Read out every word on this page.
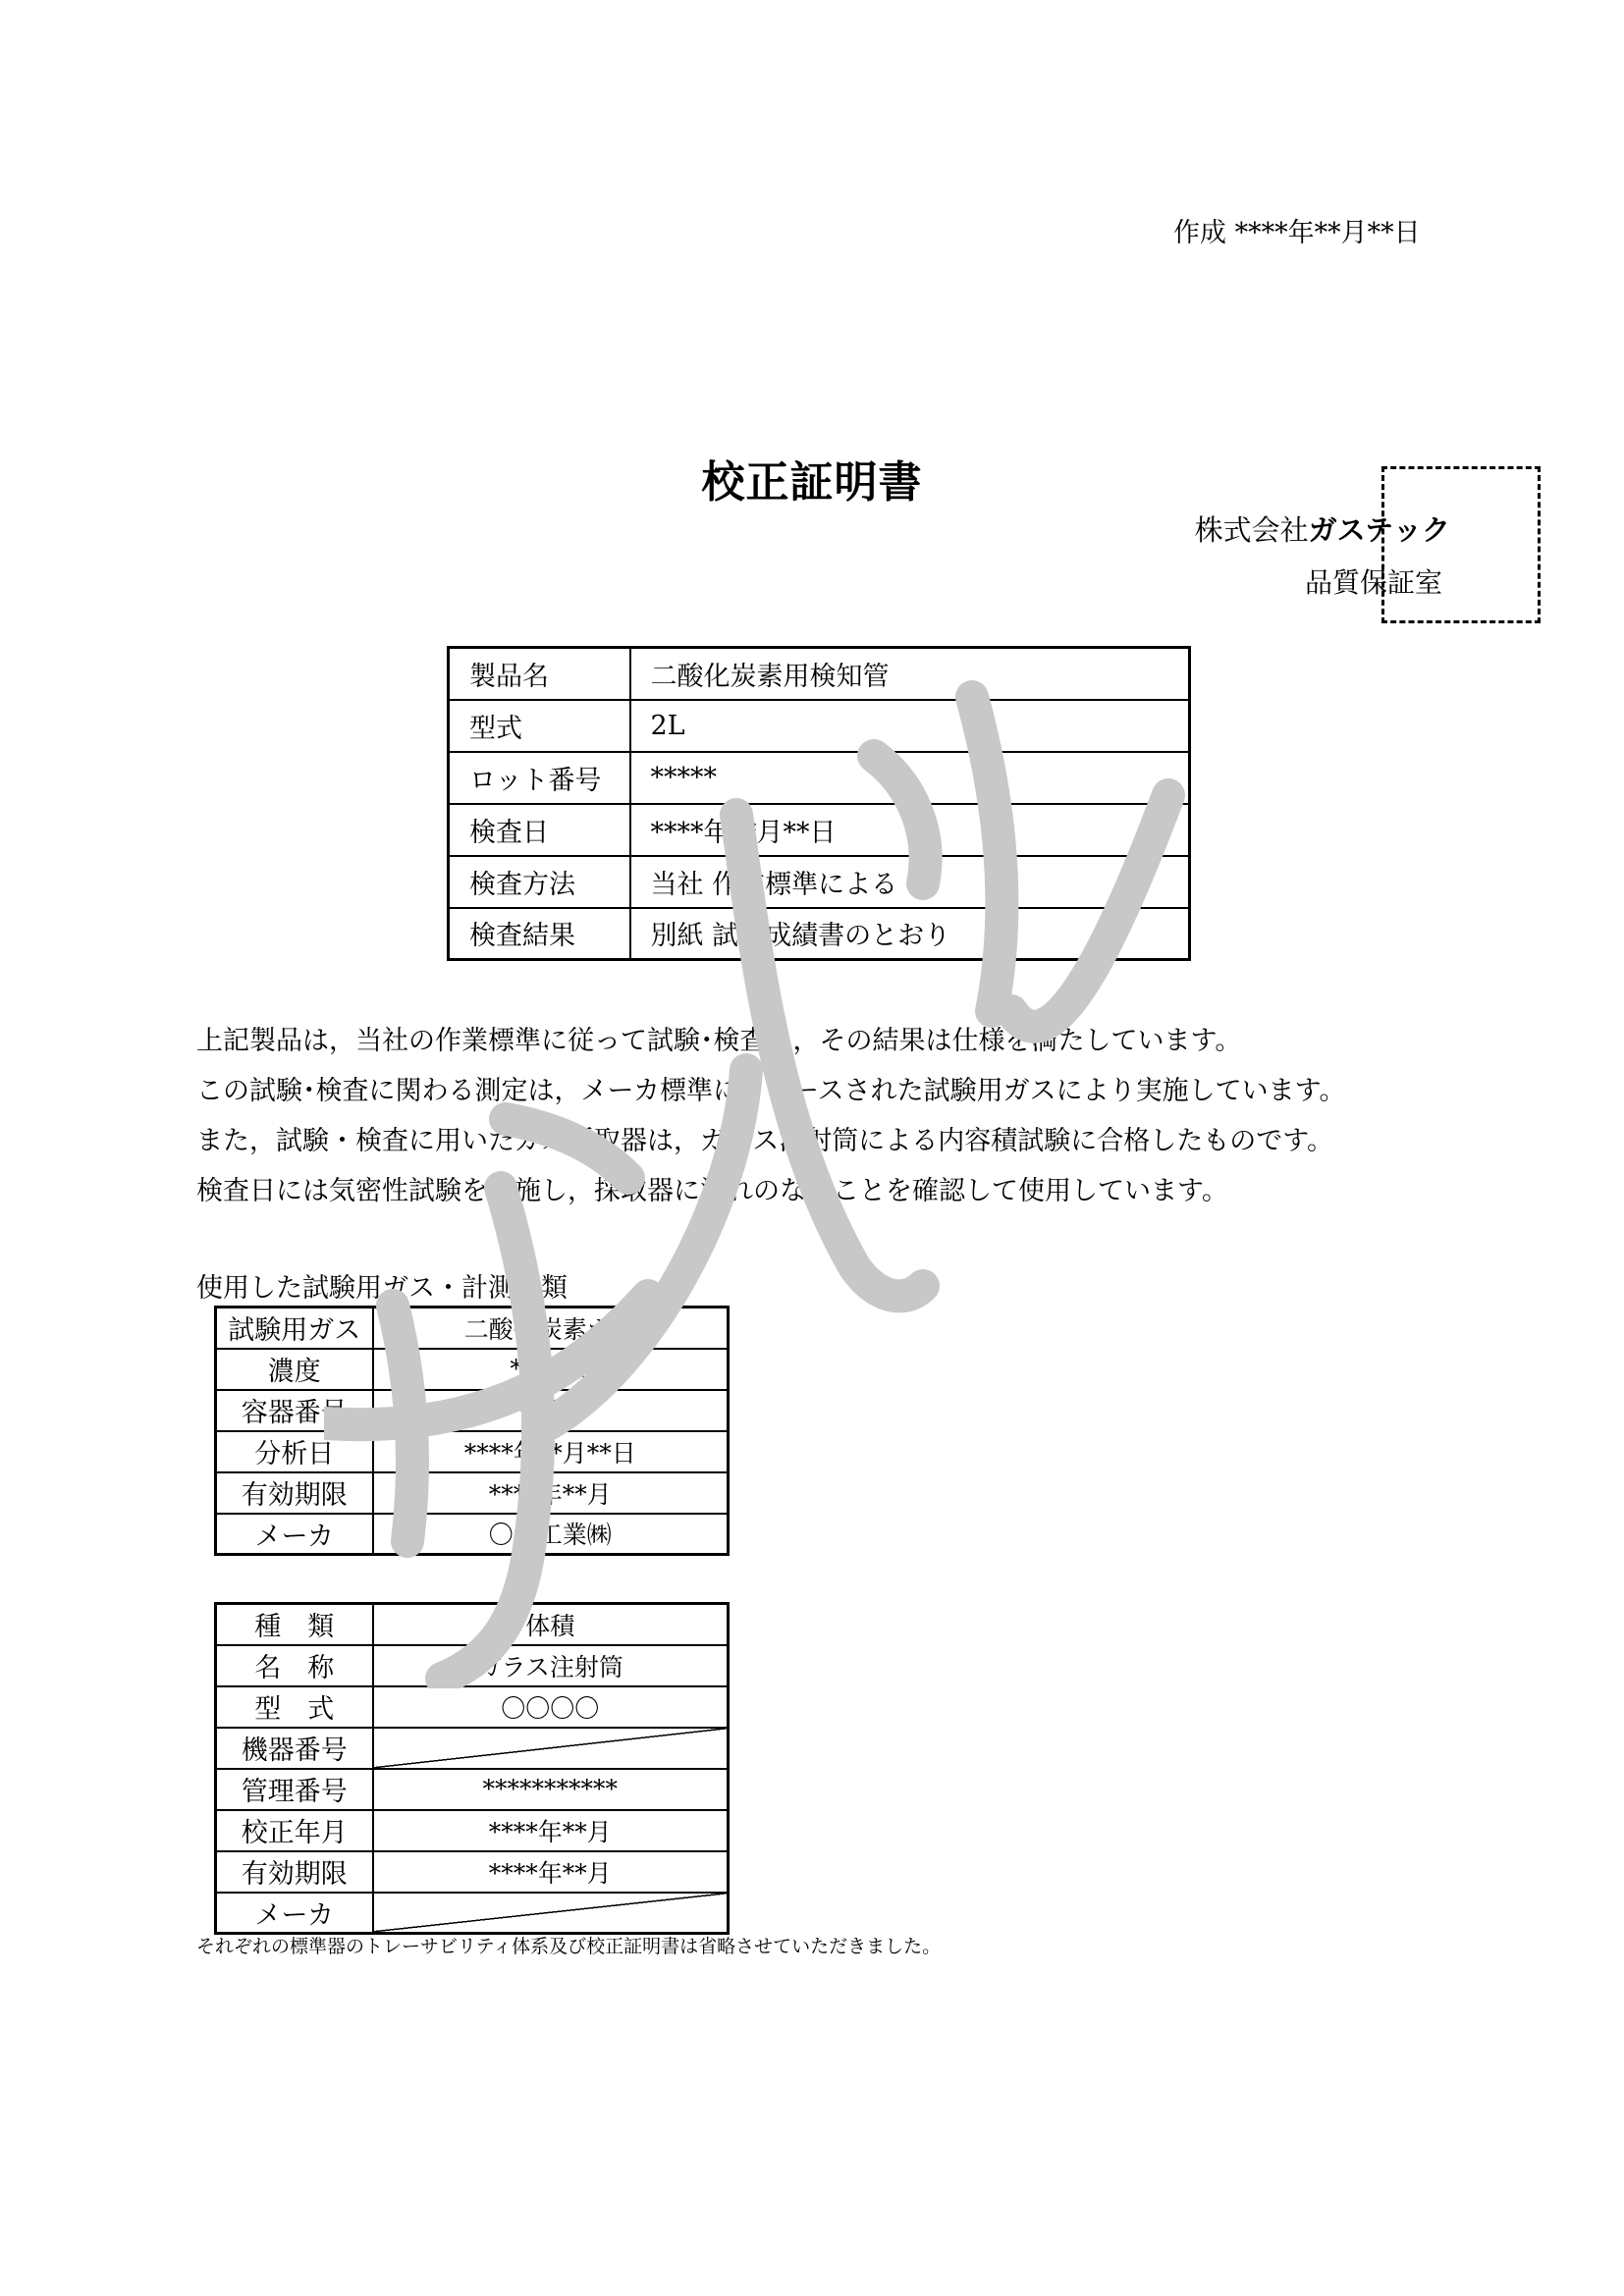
作成 ****年**月**日
校正証明書
株式会社ガステック
品質保証室
製品名	二酸化炭素用検知管
型式	2L
ロット番号	*****
検査日	****年**月**日
検査方法	当社 作業標準による
検査結果	別紙 試験成績書のとおり
上記製品は，当社の作業標準に従って試験･検査し，その結果は仕様を満たしています。
この試験･検査に関わる測定は，メーカ標準にトレースされた試験用ガスにより実施しています。
また，試験・検査に用いたガス採取器は，ガラス注射筒による内容積試験に合格したものです。
検査日には気密性試験を実施し，採取器に漏れのないことを確認して使用しています。
使用した試験用ガス・計測器類
試験用ガス	二酸化炭素ガス
濃度	*.***%
容器番号	*** ****
分析日	****年**月**日
有効期限	****年**月
メーカ	〇〇工業㈱
種　類	体積
名　称	ガラス注射筒
型　式	〇〇〇〇
機器番号	
管理番号	***********
校正年月	****年**月
有効期限	****年**月
メーカ	
それぞれの標準器のトレーサビリティ体系及び校正証明書は省略させていただきました。
